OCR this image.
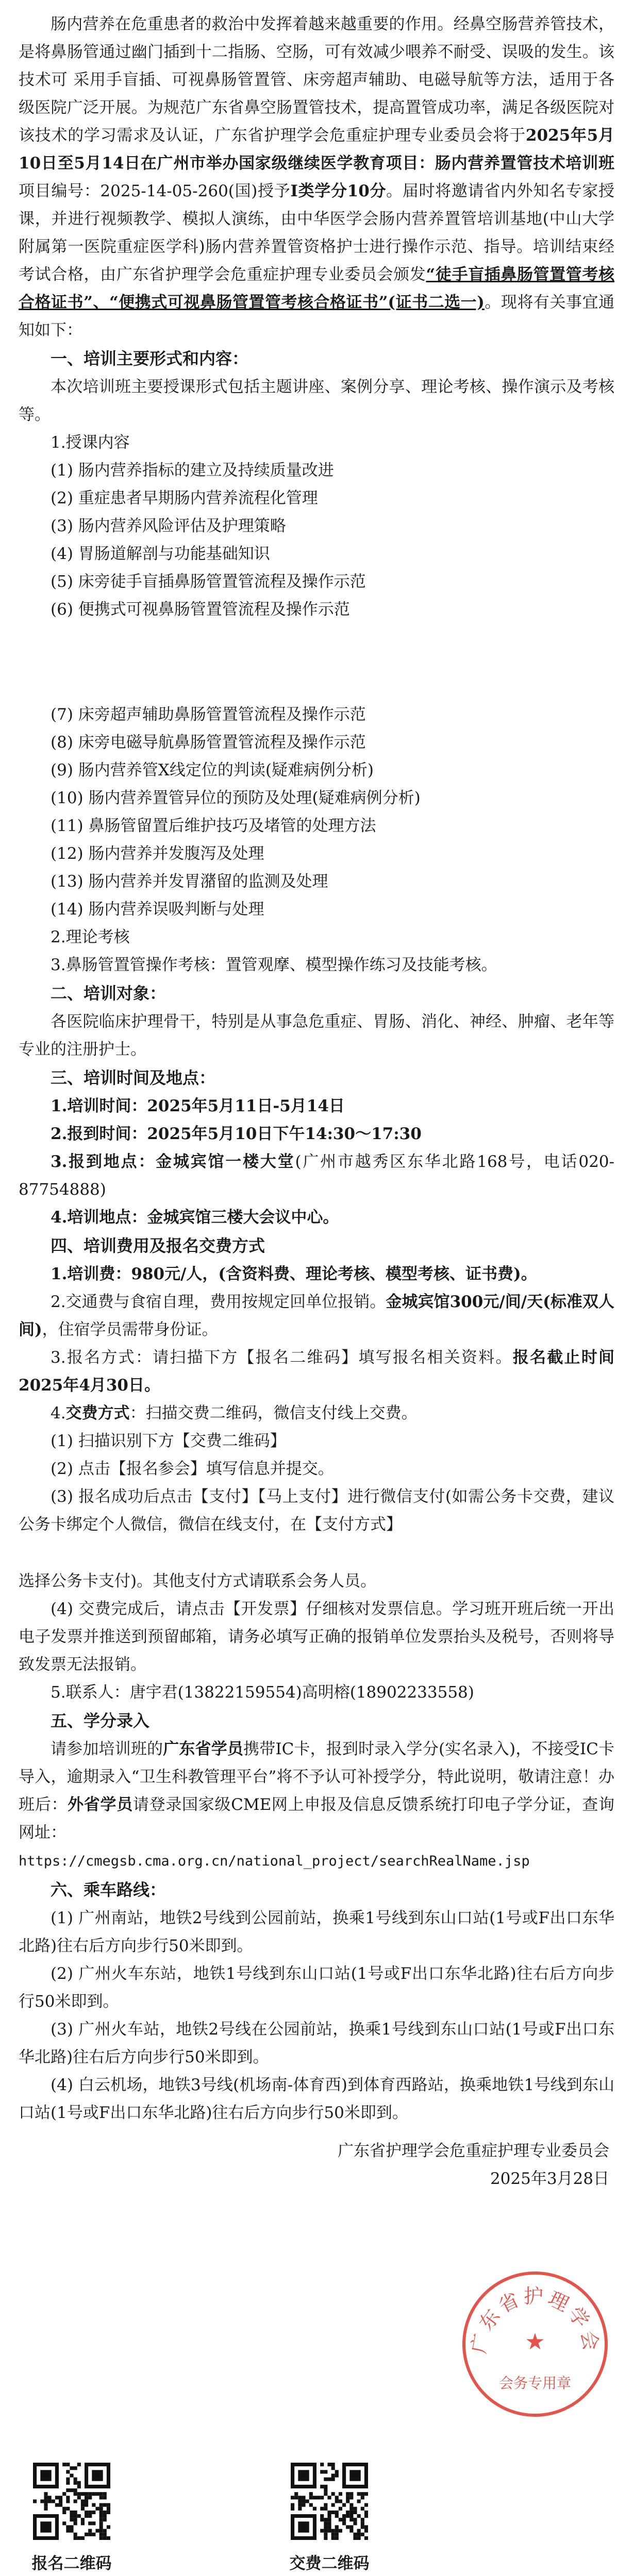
肠内营养在危重患者的救治中发挥着越来越重要的作用。经鼻空肠营养管技术，是将鼻肠管通过幽门插到十二指肠、空肠，可有效减少喂养不耐受、误吸的发生。该技术可 采用手盲插、可视鼻肠管置管、床旁超声辅助、电磁导航等方法，适用于各级医院广泛开展。为规范广东省鼻空肠置管技术，提高置管成功率，满足各级医院对该技术的学习需求及认证，广东省护理学会危重症护理专业委员会将于2025年5月10日至5月14日在广州市举办国家级继续医学教育项目：肠内营养置管技术培训班 项目编号：2025-14-05-260(国)授予Ⅰ类学分10分。届时将邀请省内外知名专家授课，并进行视频教学、模拟人演练，由中华医学会肠内营养置管培训基地(中山大学附属第一医院重症医学科)肠内营养置管资格护士进行操作示范、指导。培训结束经考试合格，由广东省护理学会危重症护理专业委员会颁发“徒手盲插鼻肠管置管考核合格证书”、“便携式可视鼻肠管置管考核合格证书”(证书二选一)。现将有关事宜通知如下：

一、培训主要形式和内容：

本次培训班主要授课形式包括主题讲座、案例分享、理论考核、操作演示及考核等。

1.授课内容

(1) 肠内营养指标的建立及持续质量改进

(2) 重症患者早期肠内营养流程化管理

(3) 肠内营养风险评估及护理策略

(4) 胃肠道解剖与功能基础知识

(5) 床旁徒手盲插鼻肠管置管流程及操作示范

(6) 便携式可视鼻肠管置管流程及操作示范

(7) 床旁超声辅助鼻肠管置管流程及操作示范

(8) 床旁电磁导航鼻肠管置管流程及操作示范

(9) 肠内营养管X线定位的判读(疑难病例分析)

(10) 肠内营养置管异位的预防及处理(疑难病例分析)

(11) 鼻肠管留置后维护技巧及堵管的处理方法

(12) 肠内营养并发腹泻及处理

(13) 肠内营养并发胃潴留的监测及处理

(14) 肠内营养误吸判断与处理

2.理论考核

3.鼻肠管置管操作考核：置管观摩、模型操作练习及技能考核。

二、培训对象：

各医院临床护理骨干，特别是从事急危重症、胃肠、消化、神经、肿瘤、老年等专业的注册护士。

三、培训时间及地点：

1.培训时间：2025年5月11日-5月14日

2.报到时间：2025年5月10日下午14:30～17:30

3.报到地点：金城宾馆一楼大堂(广州市越秀区东华北路168号，电话020-87754888)

4.培训地点：金城宾馆三楼大会议中心。

四、培训费用及报名交费方式

1.培训费：980元/人，(含资料费、理论考核、模型考核、证书费)。

2.交通费与食宿自理，费用按规定回单位报销。金城宾馆300元/间/天(标准双人间)，住宿学员需带身份证。

3.报名方式：请扫描下方【报名二维码】填写报名相关资料。报名截止时间2025年4月30日。

4.交费方式：扫描交费二维码，微信支付线上交费。

(1) 扫描识别下方【交费二维码】

(2) 点击【报名参会】填写信息并提交。

(3) 报名成功后点击【支付】【马上支付】进行微信支付(如需公务卡交费，建议公务卡绑定个人微信，微信在线支付，在【支付方式】

选择公务卡支付)。其他支付方式请联系会务人员。

(4) 交费完成后，请点击【开发票】仔细核对发票信息。学习班开班后统一开出电子发票并推送到预留邮箱，请务必填写正确的报销单位发票抬头及税号，否则将导致发票无法报销。

5.联系人：唐宇君(13822159554)高明榕(18902233558)

五、学分录入

请参加培训班的广东省学员携带IC卡，报到时录入学分(实名录入)，不接受IC卡导入，逾期录入“卫生科教管理平台”将不予认可补授学分，特此说明，敬请注意！办班后：外省学员请登录国家级CME网上申报及信息反馈系统打印电子学分证，查询网址：

https://cmegsb.cma.org.cn/national_project/searchRealName.jsp

六、乘车路线：

(1) 广州南站，地铁2号线到公园前站，换乘1号线到东山口站(1号或F出口东华北路)往右后方向步行50米即到。

(2) 广州火车东站，地铁1号线到东山口站(1号或F出口东华北路)往右后方向步行50米即到。

(3) 广州火车站，地铁2号线在公园前站，换乘1号线到东山口站(1号或F出口东华北路)往右后方向步行50米即到。

(4) 白云机场，地铁3号线(机场南-体育西)到体育西路站，换乘地铁1号线到东山口站(1号或F出口东华北路)往右后方向步行50米即到。

广东省护理学会危重症护理专业委员会

2025年3月28日

广东省护理学会
★
会务专用章
报名二维码	交费二维码
